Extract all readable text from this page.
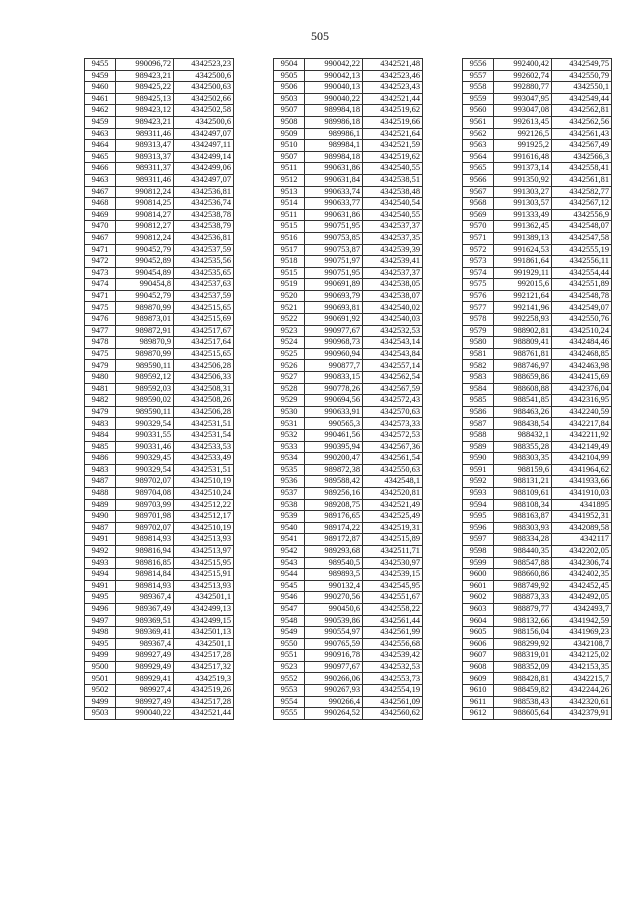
505
9455	990096,72	4342523,23
9459	989423,21	4342500,6
9460	989425,22	4342500,63
9461	989425,13	4342502,66
9462	989423,12	4342502,58
9459	989423,21	4342500,6
9463	989311,46	4342497,07
9464	989313,47	4342497,11
9465	989313,37	4342499,14
9466	989311,37	4342499,06
9463	989311,46	4342497,07
9467	990812,24	4342536,81
9468	990814,25	4342536,74
9469	990814,27	4342538,78
9470	990812,27	4342538,79
9467	990812,24	4342536,81
9471	990452,79	4342537,59
9472	990452,89	4342535,56
9473	990454,89	4342535,65
9474	990454,8	4342537,63
9471	990452,79	4342537,59
9475	989870,99	4342515,65
9476	989873,01	4342515,69
9477	989872,91	4342517,67
9478	989870,9	4342517,64
9475	989870,99	4342515,65
9479	989590,11	4342506,28
9480	989592,12	4342506,33
9481	989592,03	4342508,31
9482	989590,02	4342508,26
9479	989590,11	4342506,28
9483	990329,54	4342531,51
9484	990331,55	4342531,54
9485	990331,46	4342533,53
9486	990329,45	4342533,49
9483	990329,54	4342531,51
9487	989702,07	4342510,19
9488	989704,08	4342510,24
9489	989703,99	4342512,22
9490	989701,98	4342512,17
9487	989702,07	4342510,19
9491	989814,93	4342513,93
9492	989816,94	4342513,97
9493	989816,85	4342515,95
9494	989814,84	4342515,91
9491	989814,93	4342513,93
9495	989367,4	4342501,1
9496	989367,49	4342499,13
9497	989369,51	4342499,15
9498	989369,41	4342501,13
9495	989367,4	4342501,1
9499	989927,49	4342517,28
9500	989929,49	4342517,32
9501	989929,41	4342519,3
9502	989927,4	4342519,26
9499	989927,49	4342517,28
9503	990040,22	4342521,44
9504	990042,22	4342521,48
9505	990042,13	4342523,46
9506	990040,13	4342523,43
9503	990040,22	4342521,44
9507	989984,18	4342519,62
9508	989986,18	4342519,66
9509	989986,1	4342521,64
9510	989984,1	4342521,59
9507	989984,18	4342519,62
9511	990631,86	4342540,55
9512	990631,84	4342538,51
9513	990633,74	4342538,48
9514	990633,77	4342540,54
9511	990631,86	4342540,55
9515	990751,95	4342537,37
9516	990753,85	4342537,35
9517	990753,87	4342539,39
9518	990751,97	4342539,41
9515	990751,95	4342537,37
9519	990691,89	4342538,05
9520	990693,79	4342538,07
9521	990693,81	4342540,02
9522	990691,92	4342540,03
9523	990977,67	4342532,53
9524	990968,73	4342543,14
9525	990960,94	4342543,84
9526	990877,7	4342557,14
9527	990833,15	4342562,54
9528	990778,26	4342567,59
9529	990694,56	4342572,43
9530	990633,91	4342570,63
9531	990565,3	4342573,33
9532	990461,56	4342572,53
9533	990395,94	4342567,36
9534	990200,47	4342561,54
9535	989872,38	4342550,63
9536	989588,42	4342548,1
9537	989256,16	4342520,81
9538	989208,75	4342521,49
9539	989176,65	4342525,49
9540	989174,22	4342519,31
9541	989172,87	4342515,89
9542	989293,68	4342511,71
9543	989540,5	4342530,97
9544	989893,5	4342539,15
9545	990132,4	4342545,95
9546	990270,56	4342551,67
9547	990450,6	4342558,22
9548	990539,86	4342561,44
9549	990554,97	4342561,99
9550	990765,59	4342556,68
9551	990916,78	4342539,42
9523	990977,67	4342532,53
9552	990266,06	4342553,73
9553	990267,93	4342554,19
9554	990266,4	4342561,09
9555	990264,52	4342560,62
9556	992400,42	4342549,75
9557	992602,74	4342550,79
9558	992880,77	4342550,1
9559	993047,95	4342549,44
9560	993047,08	4342562,81
9561	992613,45	4342562,56
9562	992126,5	4342561,43
9563	991925,2	4342567,49
9564	991616,48	4342566,3
9565	991373,14	4342558,41
9566	991350,92	4342561,81
9567	991303,27	4342582,77
9568	991303,57	4342567,12
9569	991333,49	4342556,9
9570	991362,45	4342548,07
9571	991389,13	4342547,58
9572	991624,53	4342555,19
9573	991861,64	4342556,11
9574	991929,11	4342554,44
9575	992015,6	4342551,89
9576	992121,64	4342548,78
9577	992141,96	4342549,07
9578	992258,93	4342550,76
9579	988902,81	4342510,24
9580	988809,41	4342484,46
9581	988761,81	4342468,85
9582	988746,97	4342463,98
9583	988659,86	4342415,69
9584	988608,88	4342376,04
9585	988541,85	4342316,95
9586	988463,26	4342240,59
9587	988438,54	4342217,84
9588	988432,1	4342211,92
9589	988355,28	4342149,49
9590	988303,35	4342104,99
9591	988159,6	4341964,62
9592	988131,21	4341933,66
9593	988109,61	4341910,03
9594	988108,34	4341895
9595	988163,87	4341952,31
9596	988303,93	4342089,58
9597	988334,28	4342117
9598	988440,35	4342202,05
9599	988547,88	4342306,74
9600	988660,86	4342402,35
9601	988749,92	4342452,45
9602	988873,33	4342492,05
9603	988879,77	4342493,7
9604	988132,66	4341942,59
9605	988156,04	4341969,23
9606	988299,92	4342108,7
9607	988319,01	4342125,02
9608	988352,09	4342153,35
9609	988428,81	4342215,7
9610	988459,82	4342244,26
9611	988538,43	4342320,61
9612	988605,64	4342379,91
